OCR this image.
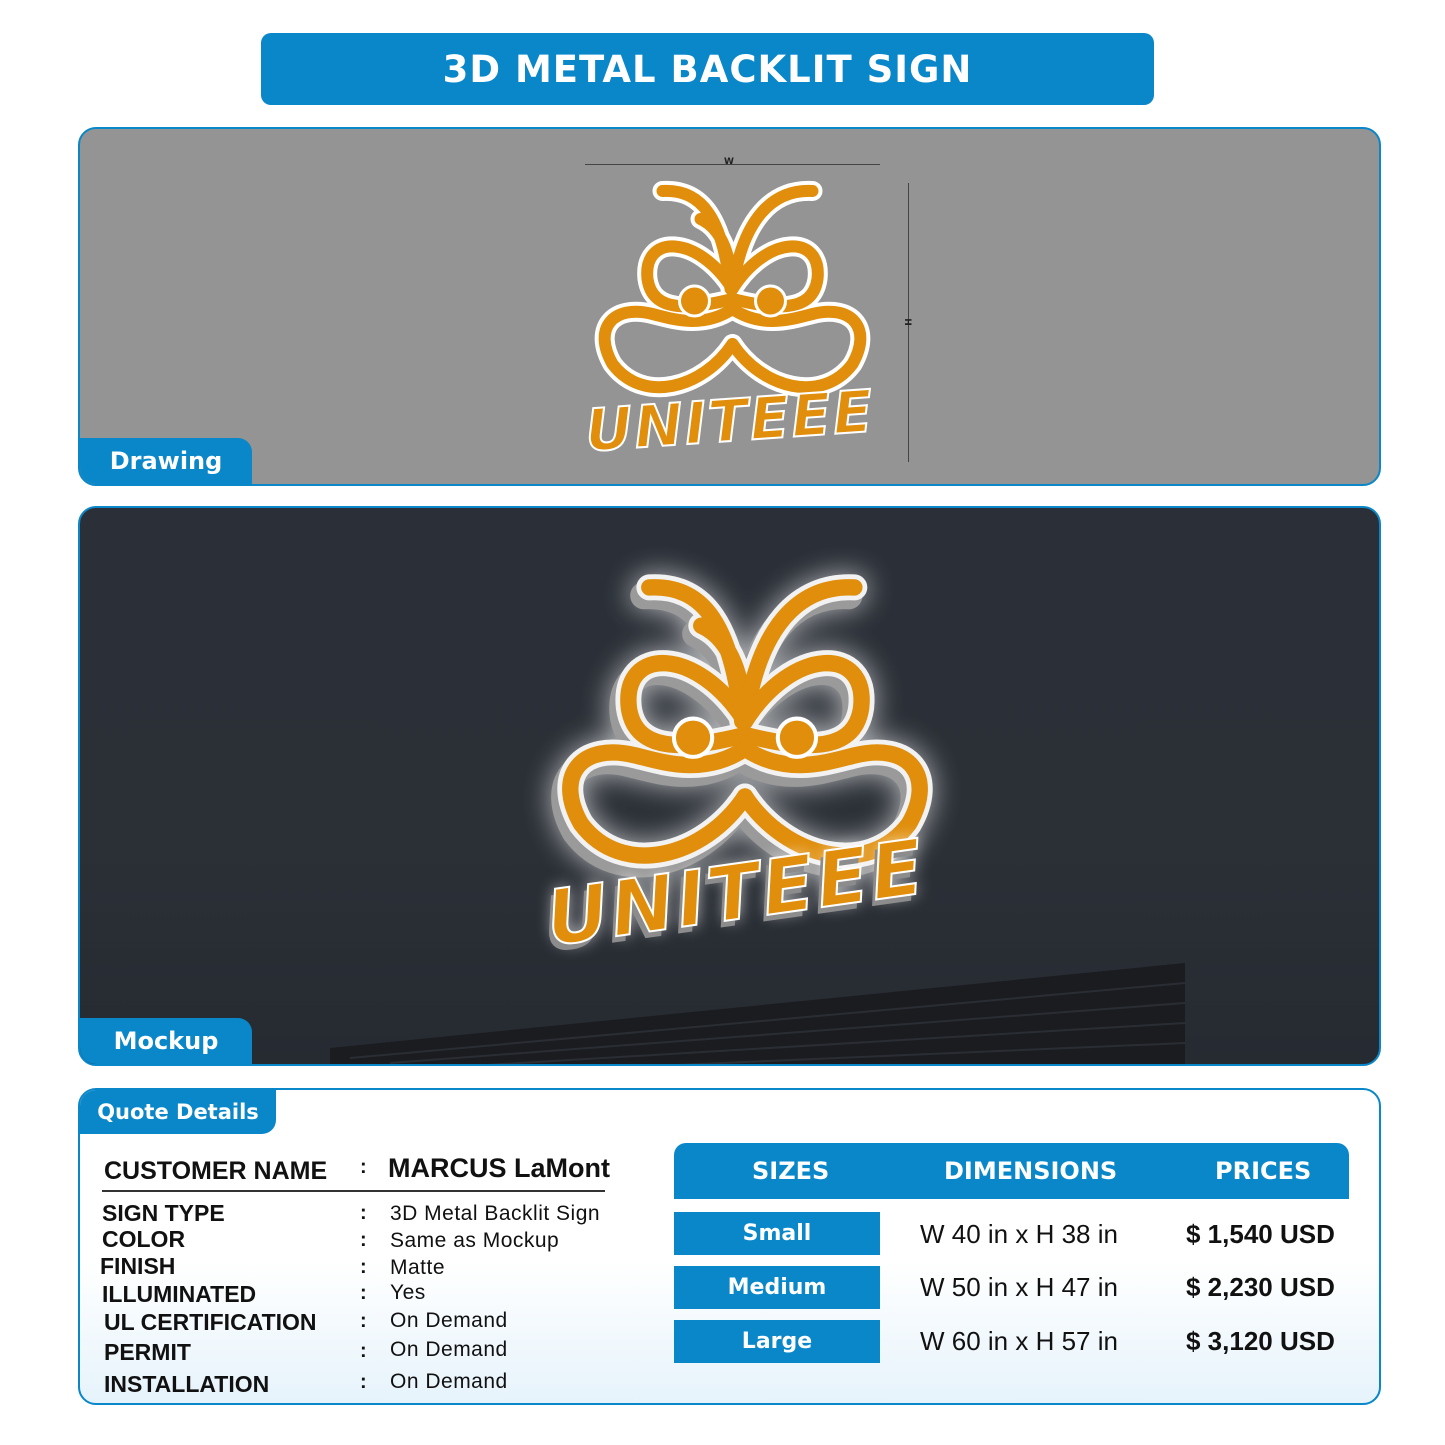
3D METAL BACKLIT SIGN
W
H
UNITEEE
Drawing
UNITEEE
Mockup
Quote Details
CUSTOMER NAME : MARCUS LaMont
SIGN TYPE	: 3D Metal Backlit Sign
COLOR	: Same as Mockup
FINISH	: Matte
ILLUMINATED	: Yes
UL CERTIFICATION : On Demand
PERMIT	: On Demand
INSTALLATION	: On Demand
SIZES	DIMENSIONS	PRICES
Small	W 40 in x H 38 in	$ 1,540 USD
Medium	W 50 in x H 47 in	$ 2,230 USD
Large	W 60 in x H 57 in	$ 3,120 USD
